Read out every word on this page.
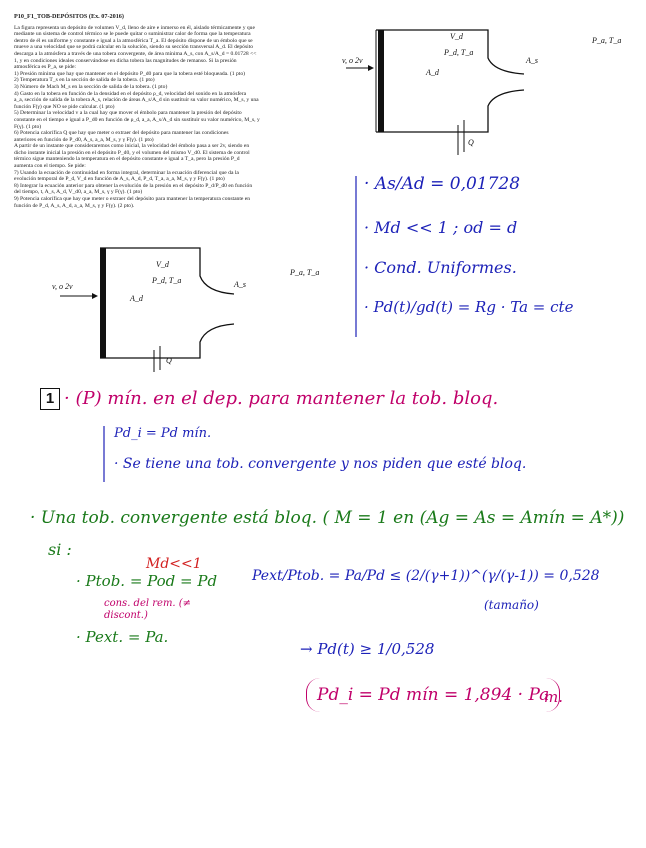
P10_F1_TOB-DEPÓSITOS (Ex. 07-2016)

La figura representa un depósito de volumen V_d, lleno de aire e inmerso en él, aislado térmicamente y que

mediante un sistema de control térmico se le puede quitar o suministrar calor de forma que la temperatura

dentro de él es uniforme y constante e igual a la atmosférica T_a. El depósito dispone de un émbolo que se

mueve a una velocidad que se podrá calcular en la solución, siendo su sección transversal A_d. El depósito

descarga a la atmósfera a través de una tobera convergente, de área mínima A_s, con A_s/A_d = 0.01728 <<

1, y en condiciones ideales conservándose en dicha tobera las magnitudes de remanso. Si la presión

atmosférica es P_a, se pide:

1) Presión mínima que hay que mantener en el depósito P_d0 para que la tobera esté bloqueada. (1 pto)

2) Temperatura T_s en la sección de salida de la tobera. (1 pto)

3) Número de Mach M_s en la sección de salida de la tobera. (1 pto)

4) Gasto en la tobera en función de la densidad en el depósito ρ_d, velocidad del sonido en la atmósfera

a_a, sección de salida de la tobera A_s, relación de áreas A_s/A_d sin sustituir su valor numérico, M_s, y una

función F(γ) que NO se pide calcular. (1 pto)

5) Determinar la velocidad v a la cual hay que mover el émbolo para mantener la presión del depósito

constante en el tiempo e igual a P_d0 en función de ρ_d, a_a, A_s/A_d sin sustituir su valor numérico, M_s, y

F(γ). (1 pto)

6) Potencia calorífica Q que hay que meter o extraer del depósito para mantener las condiciones

anteriores en función de P_d0, A_s, a_a, M_s, y γ F(γ). (1 pto)

A partir de un instante que consideraremos como inicial, la velocidad del émbolo pasa a ser 2v, siendo en

dicho instante inicial la presión en el depósito P_d0, y el volumen del mismo V_d0. El sistema de control

térmico sigue manteniendo la temperatura en el depósito constante e igual a T_a, pero la presión P_d

aumenta con el tiempo. Se pide:

7) Usando la ecuación de continuidad en forma integral, determinar la ecuación diferencial que da la

evolución temporal de P_d, V_d en función de A_s, A_d, P_d, T_a, a_a, M_s, γ y F(γ). (1 pto)

8) Integrar la ecuación anterior para obtener la evolución de la presión en el depósito P_d/P_d0 en función

del tiempo, t, A_s, A_d, V_d0, a_a, M_s, γ y F(γ). (1 pto)

9) Potencia calorífica que hay que meter o extraer del depósito para mantener la temperatura constante en

función de P_d, A_s, A_d, a_a, M_s, γ y F(γ). (2 pto).

V_d
P_d, T_a
A_d
A_s
v, o 2v
Q
P_a, T_a
V_d
P_d, T_a
A_d
A_s
v, o 2v
Q
P_a, T_a
· As/Ad = 0,01728
· Md << 1 ; od = d
· Cond. Uniformes.
· Pd(t)/gd(t) = Rg · Ta = cte
1 · (P) mín. en el dep. para mantener la tob. bloq.
Pd_i = Pd mín.
· Se tiene una tob. convergente y nos piden que esté bloq.
· Una tob. convergente está bloq. ( M = 1 en (Ag = As = Amín = A*))
si :
Md<<1
· Ptob. = Pod = Pd
cons. del rem. (≠ discont.)
· Pext. = Pa.
Pext/Ptob. = Pa/Pd ≤ (2/(γ+1))^(γ/(γ-1)) = 0,528
(tamaño)
→ Pd(t) ≥ 1/0,528
Pd_i = Pd mín = 1,894 · Pa
m.
